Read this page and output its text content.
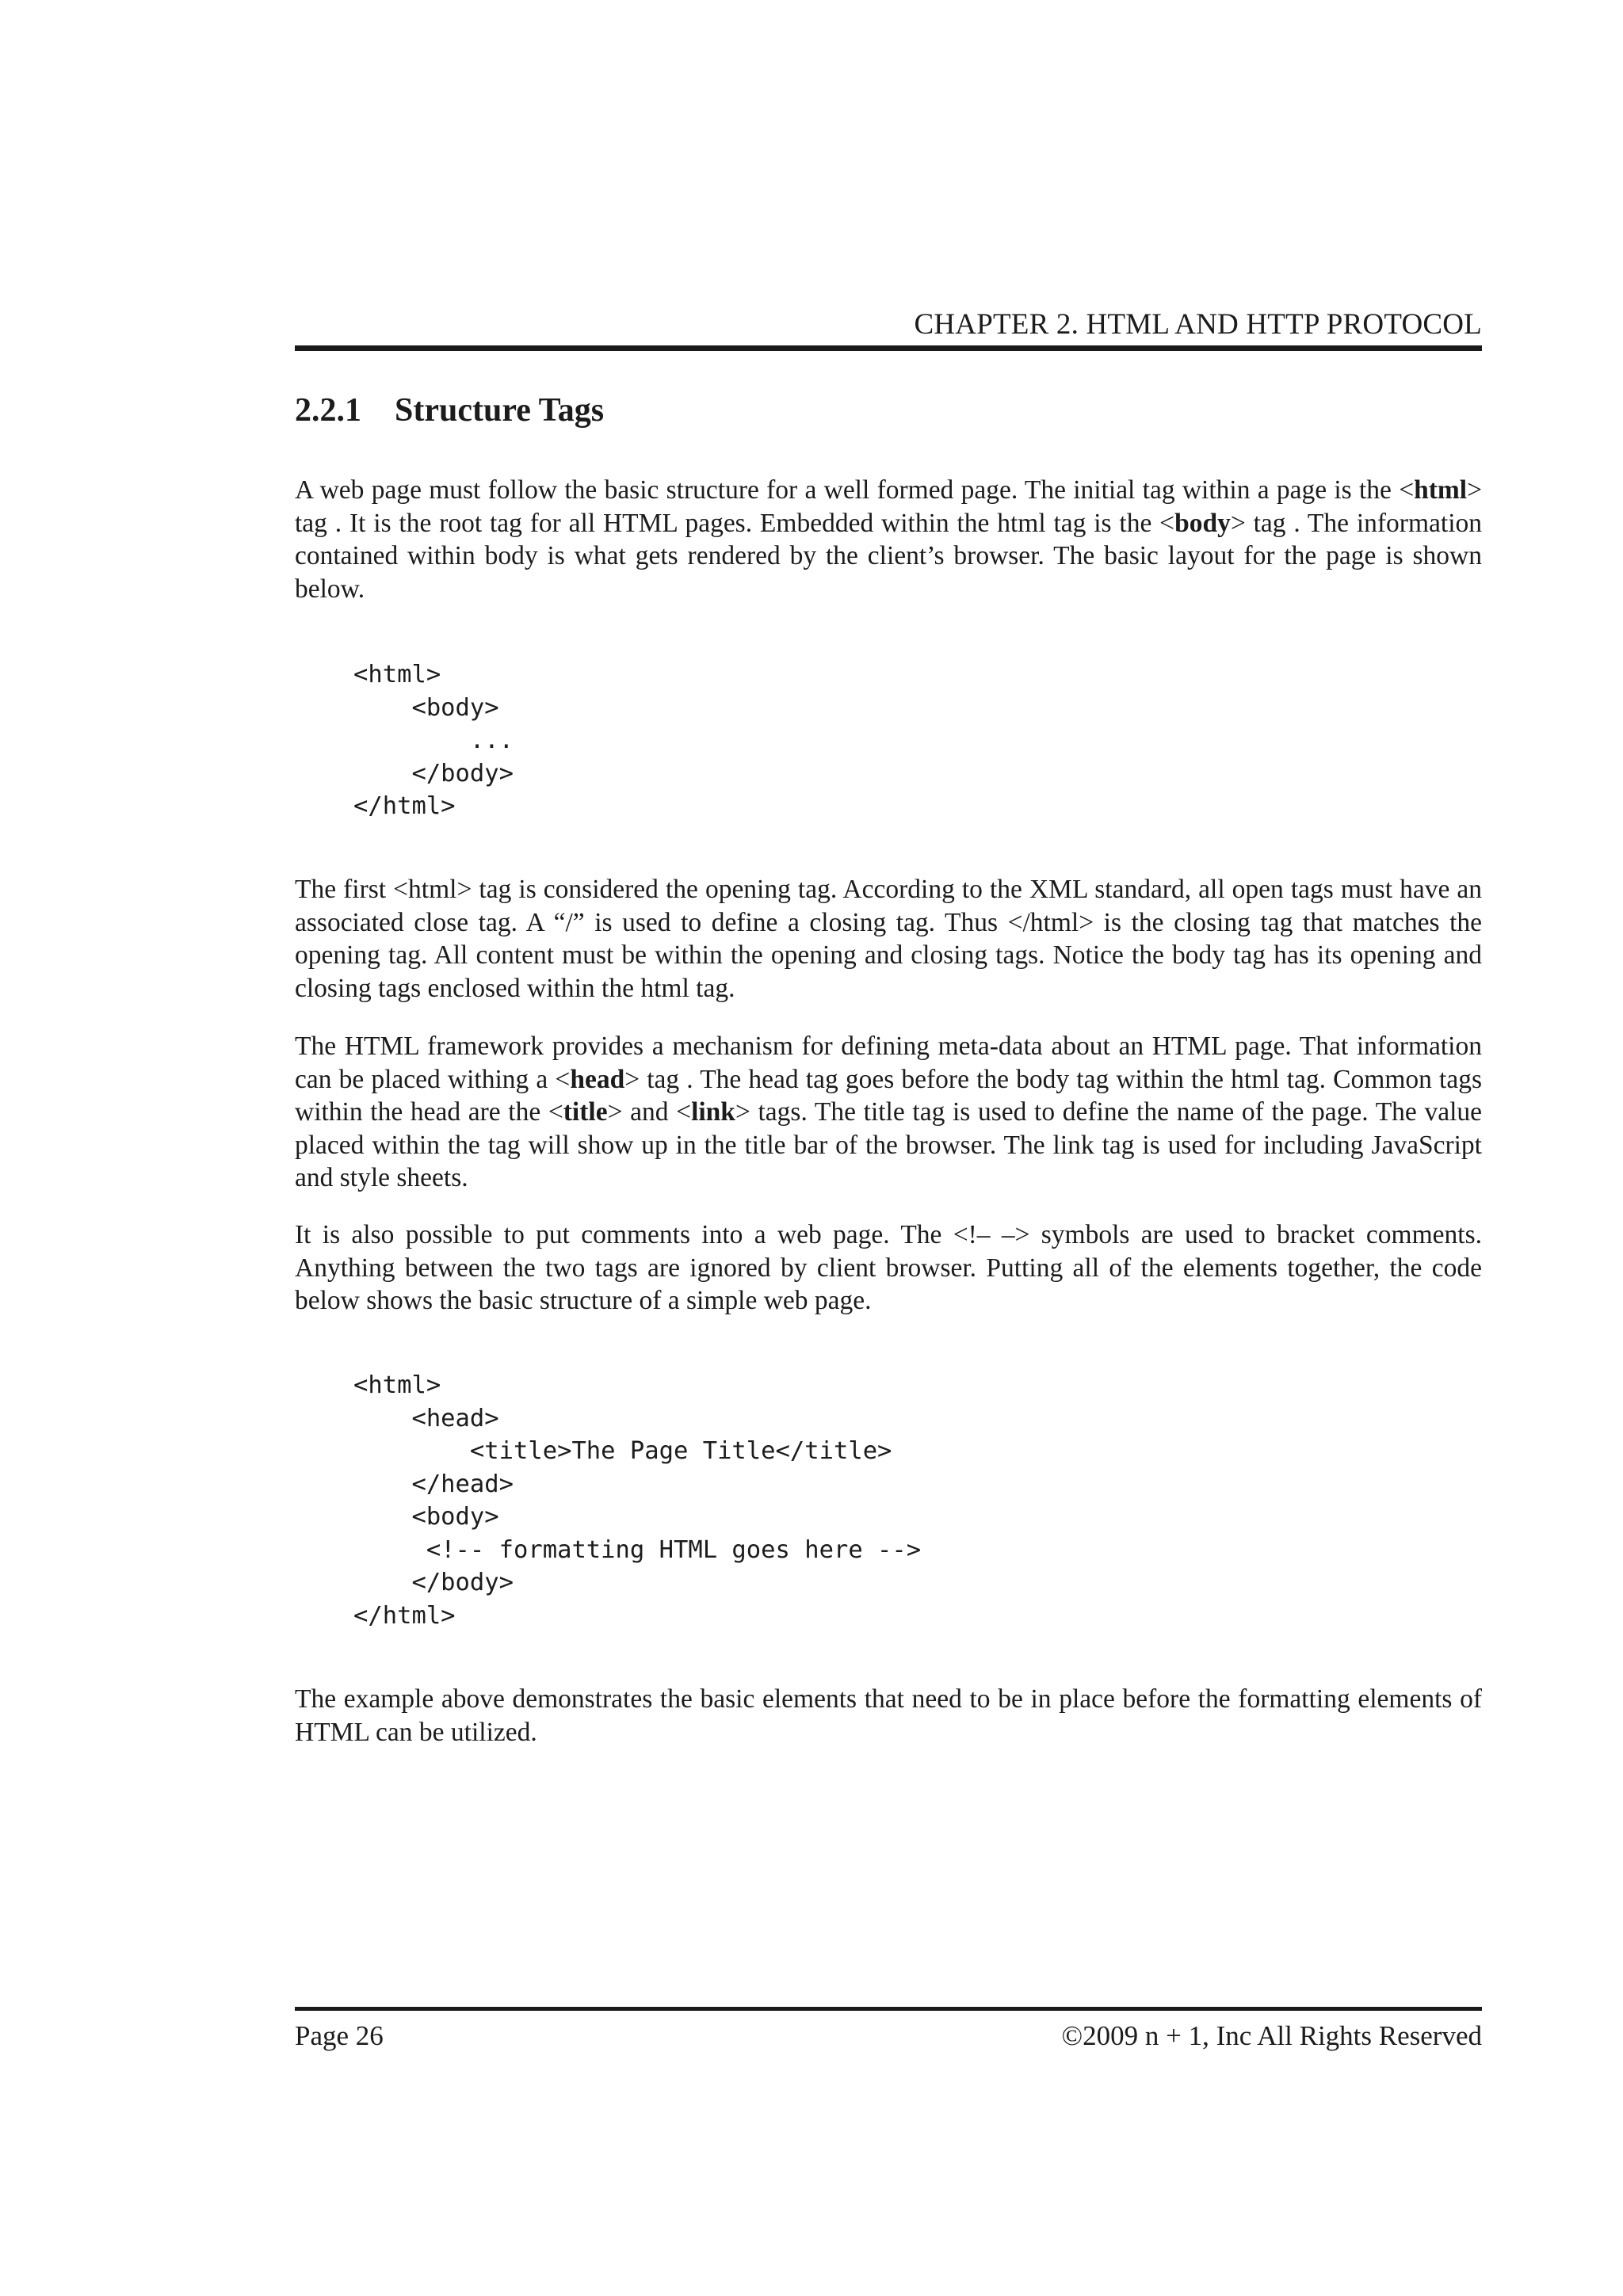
CHAPTER 2. HTML AND HTTP PROTOCOL
2.2.1 Structure Tags

A web page must follow the basic structure for a well formed page. The initial tag within a page is the <html> tag . It is the root tag for all HTML pages. Embedded within the html tag is the <body> tag . The information contained within body is what gets rendered by the client’s browser. The basic layout for the page is shown below.

<html>
<body>
...
</body>
</html>

The first <html> tag is considered the opening tag. According to the XML standard, all open tags must have an associated close tag. A “/” is used to define a closing tag. Thus </html> is the closing tag that matches the opening tag. All content must be within the opening and closing tags. Notice the body tag has its opening and closing tags enclosed within the html tag.

The HTML framework provides a mechanism for defining meta-data about an HTML page. That information can be placed withing a <head> tag . The head tag goes before the body tag within the html tag. Common tags within the head are the <title> and <link> tags. The title tag is used to define the name of the page. The value placed within the tag will show up in the title bar of the browser. The link tag is used for including JavaScript and style sheets.

It is also possible to put comments into a web page. The <!– –> symbols are used to bracket comments. Anything between the two tags are ignored by client browser. Putting all of the elements together, the code below shows the basic structure of a simple web page.

<html>
<head>
<title>The Page Title</title>
</head>
<body>
<!-- formatting HTML goes here -->
</body>
</html>

The example above demonstrates the basic elements that need to be in place before the formatting elements of HTML can be utilized.

Page 26	©2009 n + 1, Inc All Rights Reserved
